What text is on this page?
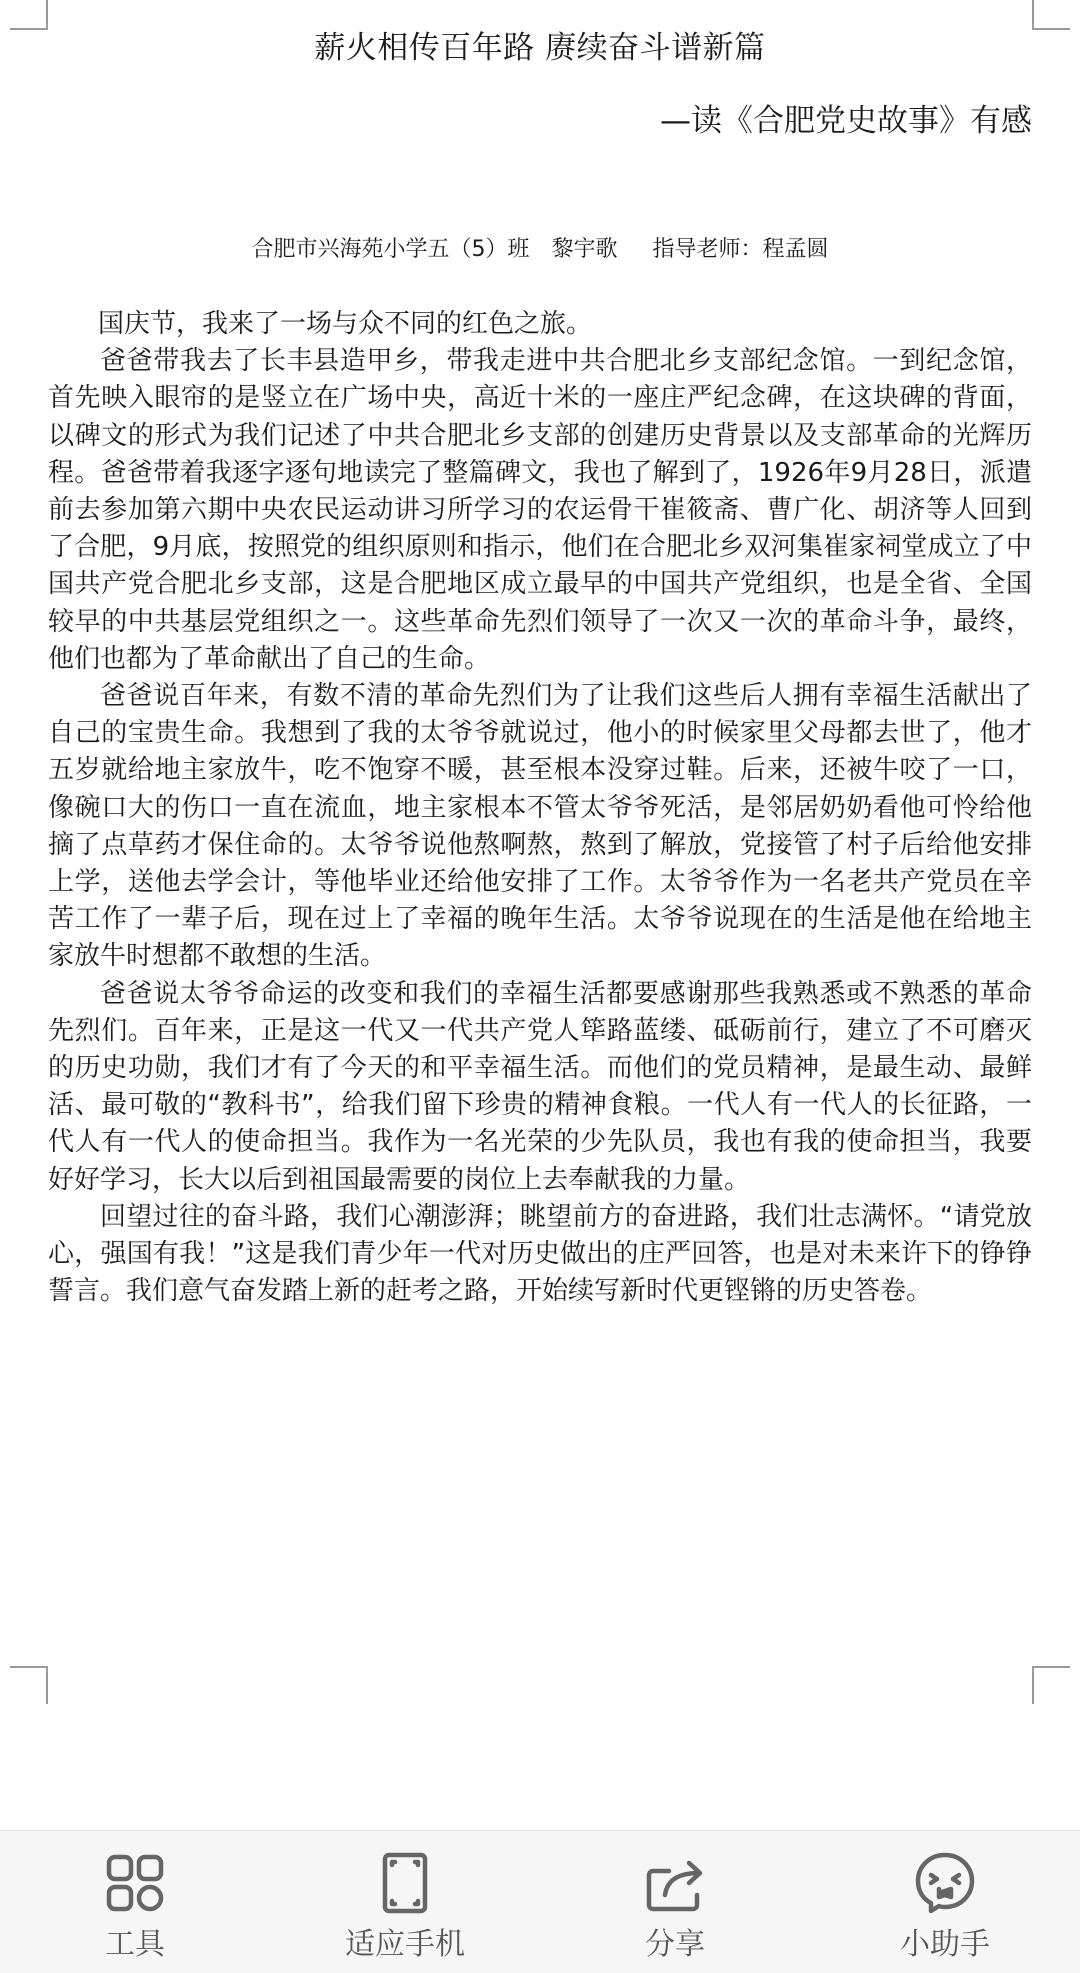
薪火相传百年路 赓续奋斗谱新篇
—读《合肥党史故事》有感
合肥市兴海苑小学五（5）班　黎宇歌 指导老师：程孟圆

国庆节，我来了一场与众不同的红色之旅。

爸爸带我去了长丰县造甲乡，带我走进中共合肥北乡支部纪念馆。一到纪念馆，首先映入眼帘的是竖立在广场中央，高近十米的一座庄严纪念碑，在这块碑的背面，以碑文的形式为我们记述了中共合肥北乡支部的创建历史背景以及支部革命的光辉历程。爸爸带着我逐字逐句地读完了整篇碑文，我也了解到了，1926年9月28日，派遣前去参加第六期中央农民运动讲习所学习的农运骨干崔筱斋、曹广化、胡济等人回到了合肥，9月底，按照党的组织原则和指示，他们在合肥北乡双河集崔家祠堂成立了中国共产党合肥北乡支部，这是合肥地区成立最早的中国共产党组织，也是全省、全国较早的中共基层党组织之一。这些革命先烈们领导了一次又一次的革命斗争，最终，他们也都为了革命献出了自己的生命。

爸爸说百年来，有数不清的革命先烈们为了让我们这些后人拥有幸福生活献出了自己的宝贵生命。我想到了我的太爷爷就说过，他小的时候家里父母都去世了，他才五岁就给地主家放牛，吃不饱穿不暖，甚至根本没穿过鞋。后来，还被牛咬了一口，像碗口大的伤口一直在流血，地主家根本不管太爷爷死活，是邻居奶奶看他可怜给他摘了点草药才保住命的。太爷爷说他熬啊熬，熬到了解放，党接管了村子后给他安排上学，送他去学会计，等他毕业还给他安排了工作。太爷爷作为一名老共产党员在辛苦工作了一辈子后，现在过上了幸福的晚年生活。太爷爷说现在的生活是他在给地主家放牛时想都不敢想的生活。

爸爸说太爷爷命运的改变和我们的幸福生活都要感谢那些我熟悉或不熟悉的革命先烈们。百年来，正是这一代又一代共产党人筚路蓝缕、砥砺前行，建立了不可磨灭的历史功勋，我们才有了今天的和平幸福生活。而他们的党员精神，是最生动、最鲜活、最可敬的“教科书”，给我们留下珍贵的精神食粮。一代人有一代人的长征路，一代人有一代人的使命担当。我作为一名光荣的少先队员，我也有我的使命担当，我要好好学习，长大以后到祖国最需要的岗位上去奉献我的力量。

回望过往的奋斗路，我们心潮澎湃；眺望前方的奋进路，我们壮志满怀。“请党放心，强国有我！”这是我们青少年一代对历史做出的庄严回答，也是对未来许下的铮铮誓言。我们意气奋发踏上新的赶考之路，开始续写新时代更铿锵的历史答卷。

工具	适应手机	分享	小助手
